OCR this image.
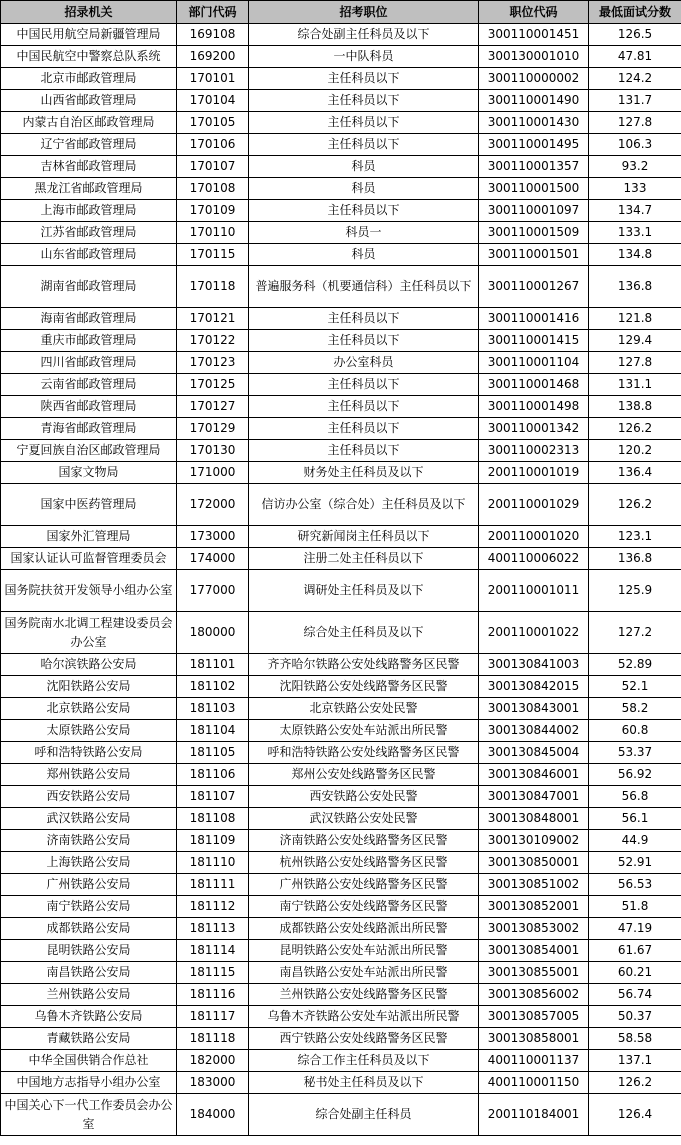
招录机关	部门代码	招考职位	职位代码	最低面试分数
中国民用航空局新疆管理局	169108	综合处副主任科员及以下	300110001451	126.5
中国民航空中警察总队系统	169200	一中队科员	300130001010	47.81
北京市邮政管理局	170101	主任科员以下	300110000002	124.2
山西省邮政管理局	170104	主任科员以下	300110001490	131.7
内蒙古自治区邮政管理局	170105	主任科员以下	300110001430	127.8
辽宁省邮政管理局	170106	主任科员以下	300110001495	106.3
吉林省邮政管理局	170107	科员	300110001357	93.2
黑龙江省邮政管理局	170108	科员	300110001500	133
上海市邮政管理局	170109	主任科员以下	300110001097	134.7
江苏省邮政管理局	170110	科员一	300110001509	133.1
山东省邮政管理局	170115	科员	300110001501	134.8
湖南省邮政管理局	170118	普遍服务科（机要通信科）主任科员以下	300110001267	136.8
海南省邮政管理局	170121	主任科员以下	300110001416	121.8
重庆市邮政管理局	170122	主任科员以下	300110001415	129.4
四川省邮政管理局	170123	办公室科员	300110001104	127.8
云南省邮政管理局	170125	主任科员以下	300110001468	131.1
陕西省邮政管理局	170127	主任科员以下	300110001498	138.8
青海省邮政管理局	170129	主任科员以下	300110001342	126.2
宁夏回族自治区邮政管理局	170130	主任科员以下	300110002313	120.2
国家文物局	171000	财务处主任科员及以下	200110001019	136.4
国家中医药管理局	172000	信访办公室（综合处）主任科员及以下	200110001029	126.2
国家外汇管理局	173000	研究新闻岗主任科员以下	200110001020	123.1
国家认证认可监督管理委员会	174000	注册二处主任科员以下	400110006022	136.8
国务院扶贫开发领导小组办公室	177000	调研处主任科员及以下	200110001011	125.9
国务院南水北调工程建设委员会办公室	180000	综合处主任科员及以下	200110001022	127.2
哈尔滨铁路公安局	181101	齐齐哈尔铁路公安处线路警务区民警	300130841003	52.89
沈阳铁路公安局	181102	沈阳铁路公安处线路警务区民警	300130842015	52.1
北京铁路公安局	181103	北京铁路公安处民警	300130843001	58.2
太原铁路公安局	181104	太原铁路公安处车站派出所民警	300130844002	60.8
呼和浩特铁路公安局	181105	呼和浩特铁路公安处线路警务区民警	300130845004	53.37
郑州铁路公安局	181106	郑州公安处线路警务区民警	300130846001	56.92
西安铁路公安局	181107	西安铁路公安处民警	300130847001	56.8
武汉铁路公安局	181108	武汉铁路公安处民警	300130848001	56.1
济南铁路公安局	181109	济南铁路公安处线路警务区民警	300130109002	44.9
上海铁路公安局	181110	杭州铁路公安处线路警务区民警	300130850001	52.91
广州铁路公安局	181111	广州铁路公安处线路警务区民警	300130851002	56.53
南宁铁路公安局	181112	南宁铁路公安处线路警务区民警	300130852001	51.8
成都铁路公安局	181113	成都铁路公安处线路派出所民警	300130853002	47.19
昆明铁路公安局	181114	昆明铁路公安处车站派出所民警	300130854001	61.67
南昌铁路公安局	181115	南昌铁路公安处车站派出所民警	300130855001	60.21
兰州铁路公安局	181116	兰州铁路公安处线路警务区民警	300130856002	56.74
乌鲁木齐铁路公安局	181117	乌鲁木齐铁路公安处车站派出所民警	300130857005	50.37
青藏铁路公安局	181118	西宁铁路公安处线路警务区民警	300130858001	58.58
中华全国供销合作总社	182000	综合工作主任科员及以下	400110001137	137.1
中国地方志指导小组办公室	183000	秘书处主任科员及以下	400110001150	126.2
中国关心下一代工作委员会办公室	184000	综合处副主任科员	200110184001	126.4
